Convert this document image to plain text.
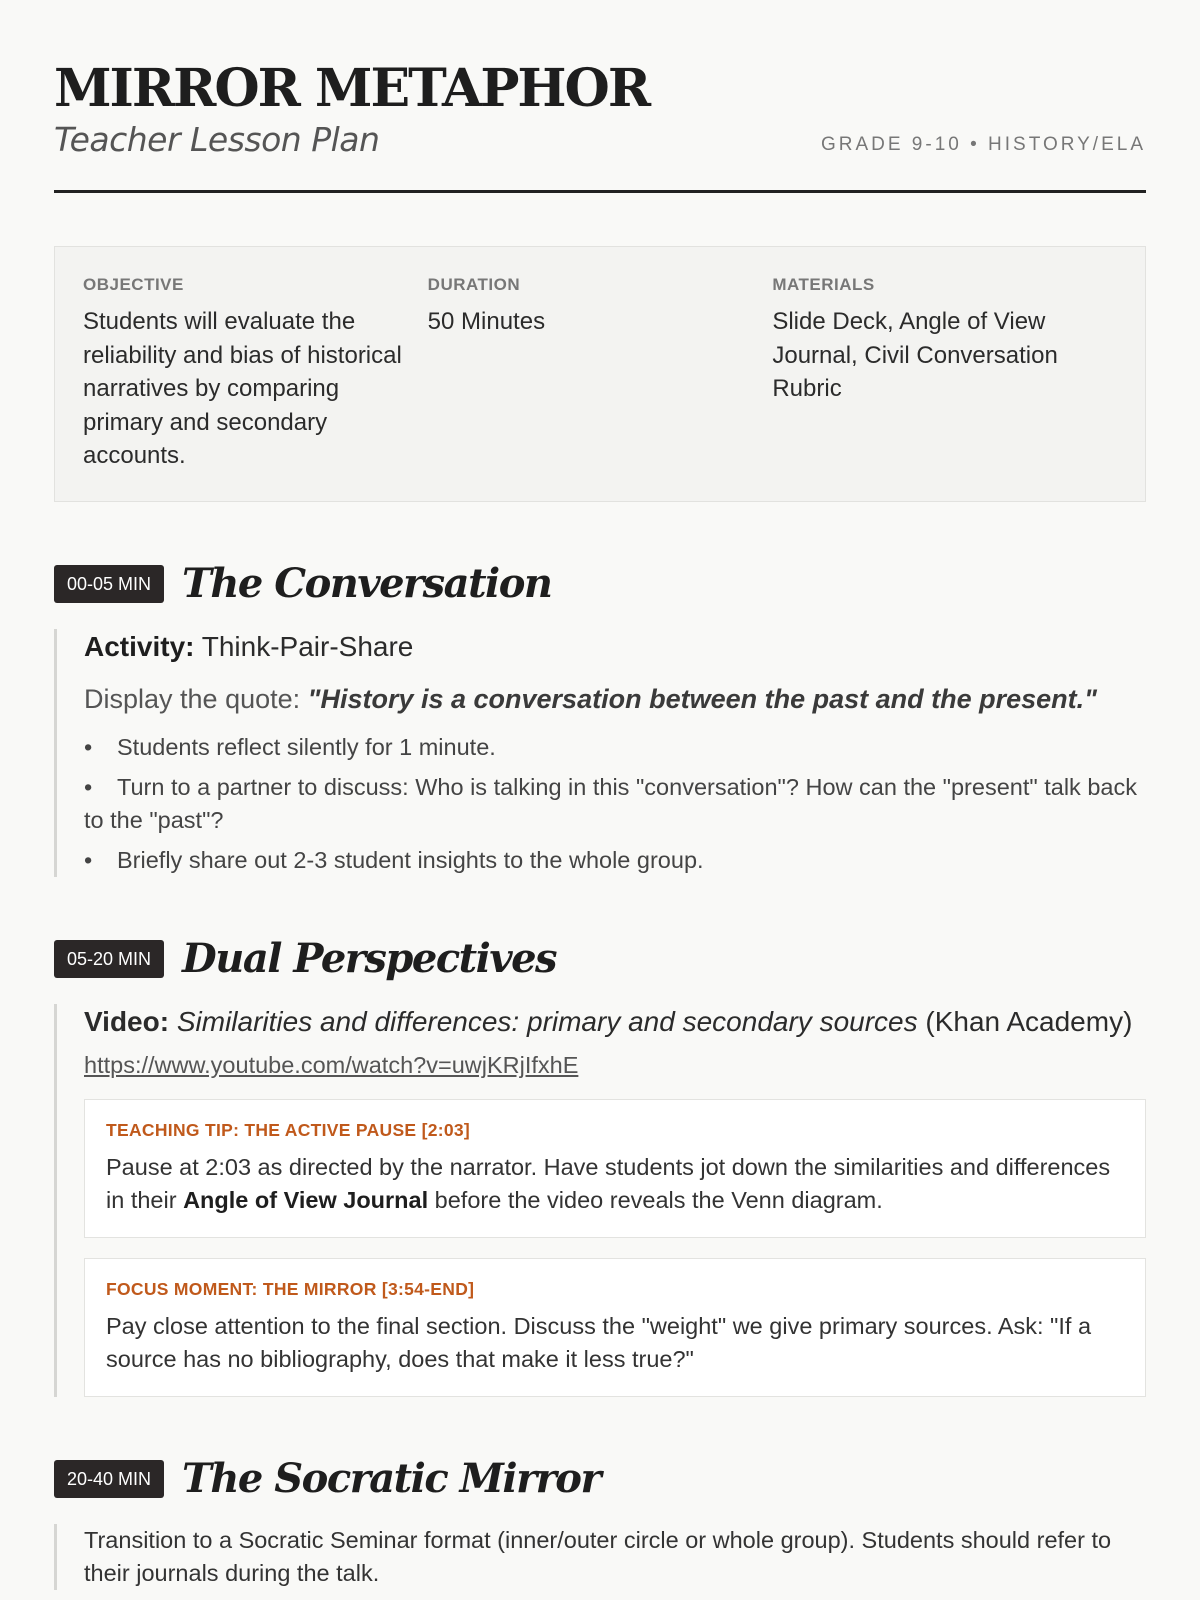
MIRROR METAPHOR
Teacher Lesson Plan	GRADE 9-10 • HISTORY/ELA
OBJECTIVE
Students will evaluate the reliability and bias of historical narratives by comparing primary and secondary accounts.
DURATION
50 Minutes
MATERIALS
Slide Deck, Angle of View Journal, Civil Conversation Rubric
00-05 MIN The Conversation
Activity: Think-Pair-Share
Display the quote: "History is a conversation between the past and the present."
• Students reflect silently for 1 minute.
• Turn to a partner to discuss: Who is talking in this "conversation"? How can the "present" talk back to the "past"?
• Briefly share out 2-3 student insights to the whole group.
05-20 MIN Dual Perspectives
Video: Similarities and differences: primary and secondary sources (Khan Academy)
https://www.youtube.com/watch?v=uwjKRjIfxhE
TEACHING TIP: THE ACTIVE PAUSE [2:03]
Pause at 2:03 as directed by the narrator. Have students jot down the similarities and differences in their Angle of View Journal before the video reveals the Venn diagram.
FOCUS MOMENT: THE MIRROR [3:54-END]
Pay close attention to the final section. Discuss the "weight" we give primary sources. Ask: "If a source has no bibliography, does that make it less true?"
20-40 MIN The Socratic Mirror
Transition to a Socratic Seminar format (inner/outer circle or whole group). Students should refer to their journals during the talk.
